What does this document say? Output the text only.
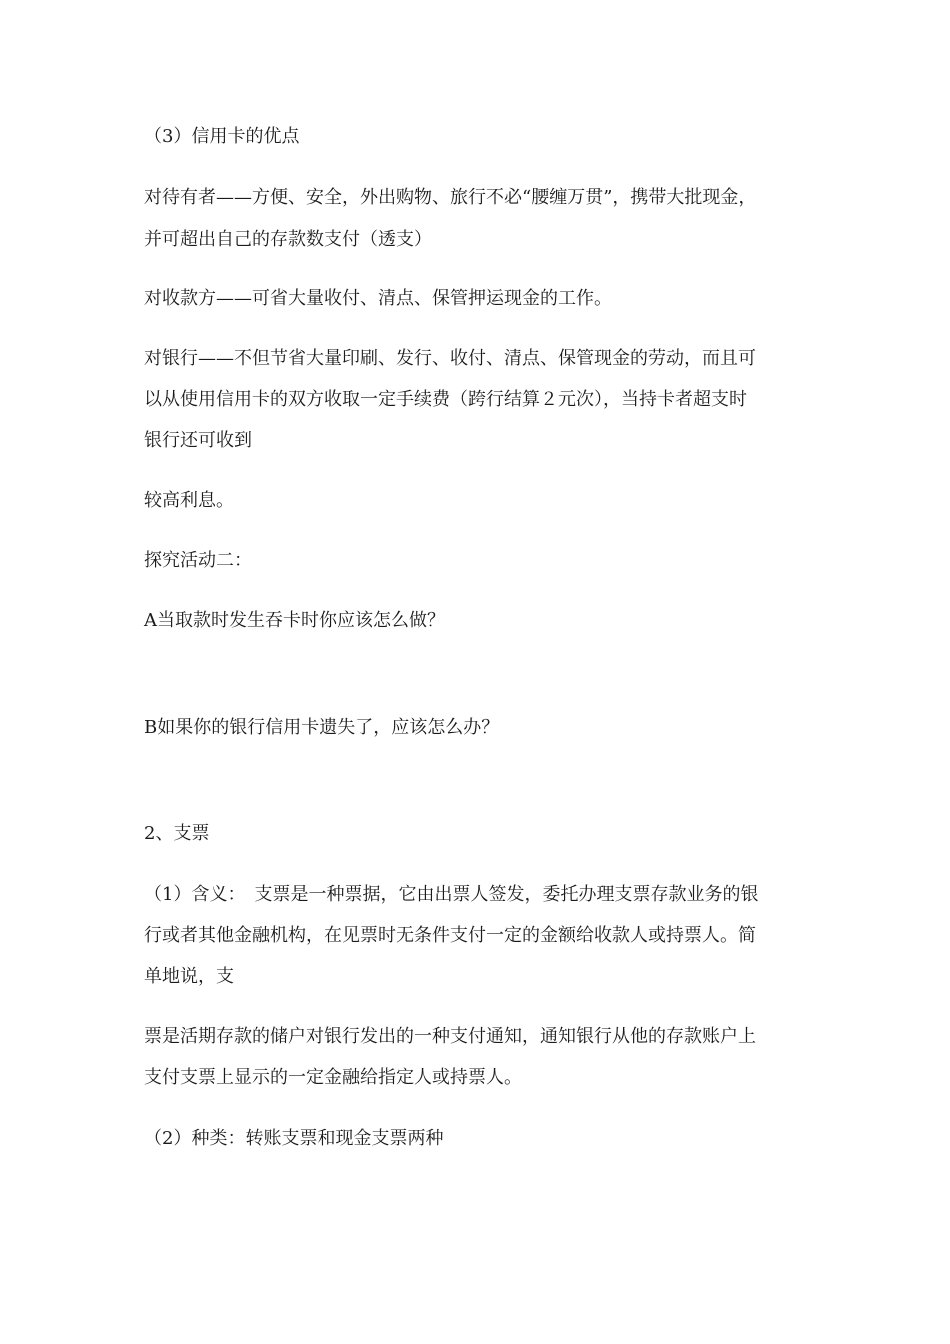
（3）信用卡的优点
对待有者——方便、安全，外出购物、旅行不必“腰缠万贯”，携带大批现金，
并可超出自己的存款数支付（透支）
对收款方——可省大量收付、清点、保管押运现金的工作。
对银行——不但节省大量印刷、发行、收付、清点、保管现金的劳动，而且可
以从使用信用卡的双方收取一定手续费（跨行结算２元次），当持卡者超支时
银行还可收到
较高利息。
探究活动二：
A当取款时发生吞卡时你应该怎么做？
B如果你的银行信用卡遗失了，应该怎么办？
2、支票
（1）含义：　支票是一种票据，它由出票人签发，委托办理支票存款业务的银
行或者其他金融机构，在见票时无条件支付一定的金额给收款人或持票人。简
单地说，支
票是活期存款的储户对银行发出的一种支付通知，通知银行从他的存款账户上
支付支票上显示的一定金融给指定人或持票人。
（2）种类：转账支票和现金支票两种
